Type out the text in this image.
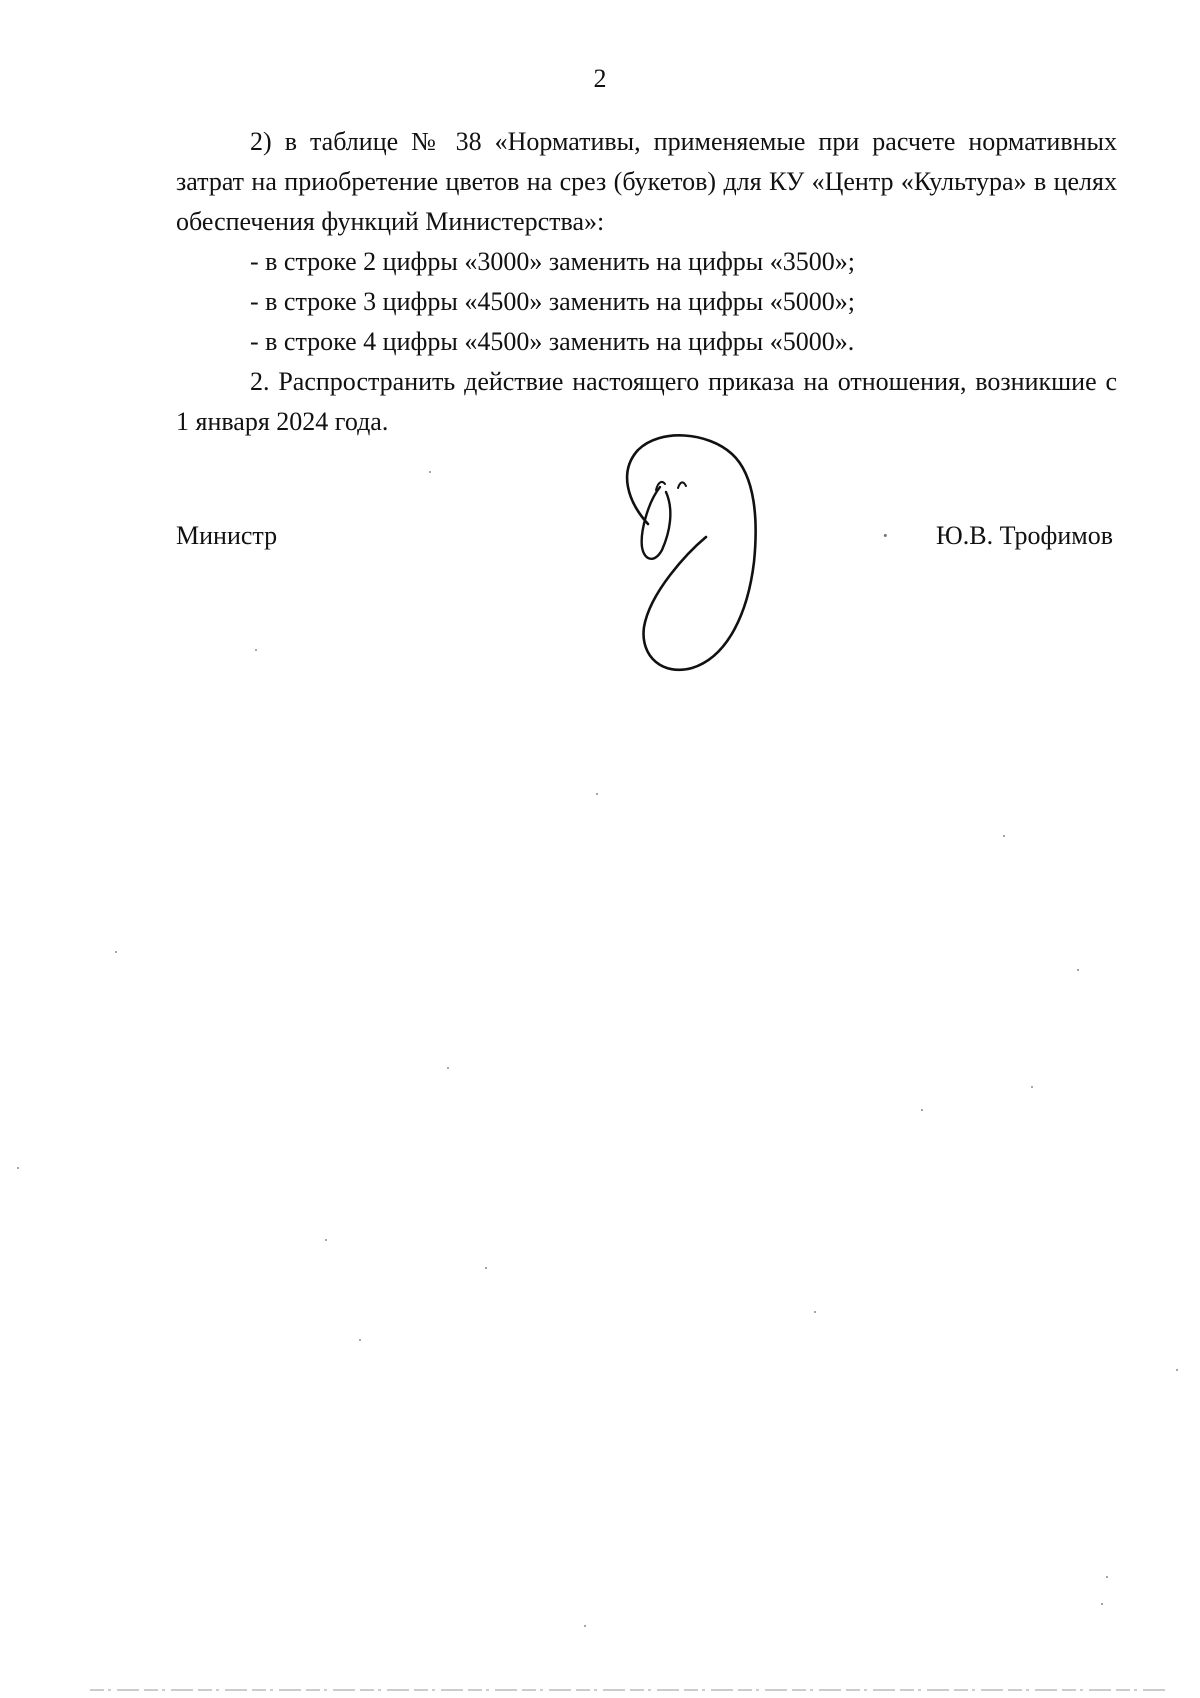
2

2) в таблице № 38 «Нормативы, применяемые при расчете нормативных затрат на приобретение цветов на срез (букетов) для КУ «Центр «Культура» в целях обеспечения функций Министерства»:

- в строке 2 цифры «3000» заменить на цифры «3500»;

- в строке 3 цифры «4500» заменить на цифры «5000»;

- в строке 4 цифры «4500» заменить на цифры «5000».

2. Распространить действие настоящего приказа на отношения, возникшие с 1 января 2024 года.

Министр	· Ю.В. Трофимов
